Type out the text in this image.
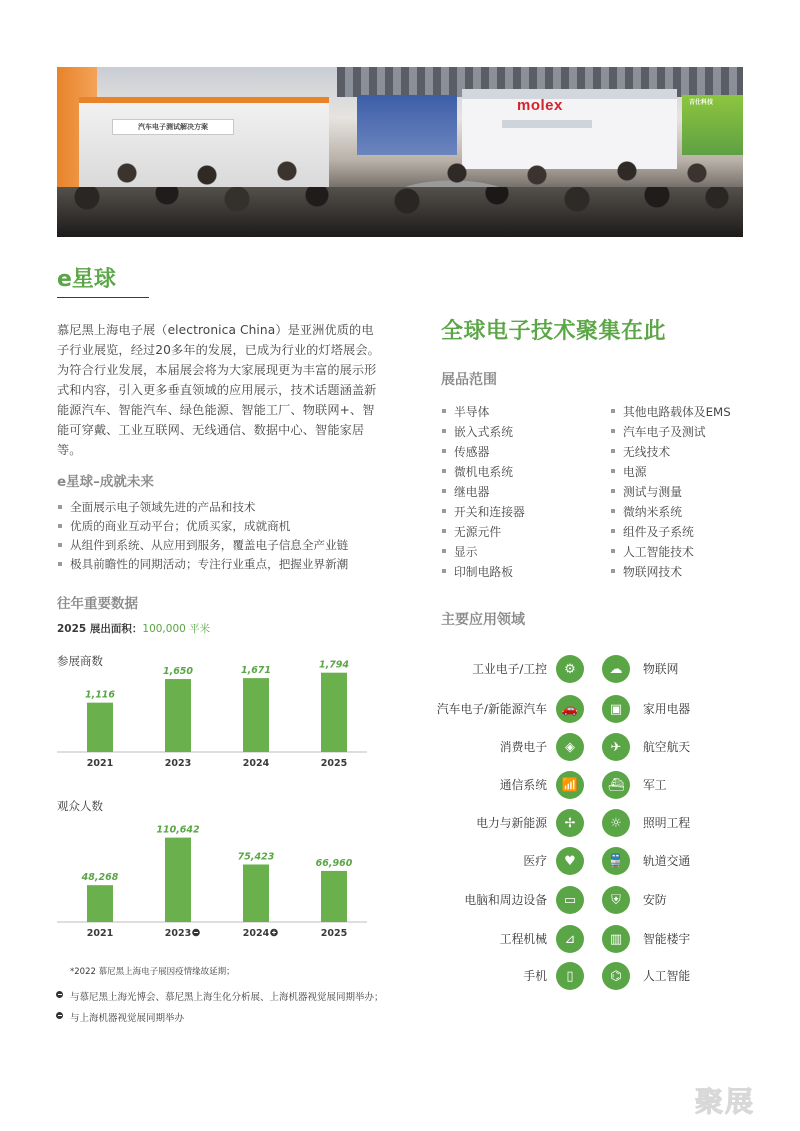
汽车电子测试解决方案
molex	吉仕科技
e星球
慕尼黑上海电子展（electronica China）是亚洲优质的电子行业展览，经过20多年的发展，已成为行业的灯塔展会。为符合行业发展，本届展会将为大家展现更为丰富的展示形式和内容，引入更多垂直领域的应用展示，技术话题涵盖新能源汽车、智能汽车、绿色能源、智能工厂、物联网+、智能可穿戴、工业互联网、无线通信、数据中心、智能家居等。
e星球–成就未来
全面展示电子领域先进的产品和技术
优质的商业互动平台；优质买家，成就商机
从组件到系统、从应用到服务，覆盖电子信息全产业链
极具前瞻性的同期活动；专注行业重点，把握业界新潮
往年重要数据
2025 展出面积：100,000 平米
参展商数
1,116
2021
1,650
2023
1,671
2024
1,794
2025
观众人数
48,268
2021
110,642
2023
75,423
2024
66,960
2025
*2022 慕尼黑上海电子展因疫情缘故延期；
与慕尼黑上海光博会、慕尼黑上海生化分析展、上海机器视觉展同期举办；
与上海机器视觉展同期举办
全球电子技术聚集在此
展品范围
半导体
嵌入式系统
传感器
微机电系统
继电器
开关和连接器
无源元件
显示
印制电路板
其他电路载体及EMS
汽车电子及测试
无线技术
电源
测试与测量
微纳米系统
组件及子系统
人工智能技术
物联网技术
主要应用领域
工业电子/工控	⚙	☁	物联网
汽车电子/新能源汽车	🚗	▣	家用电器
消费电子	◈	✈	航空航天
通信系统	📶	⛴	军工
电力与新能源	✢	☼	照明工程
医疗	♥	🚆	轨道交通
电脑和周边设备	▭	⛨	安防
工程机械	⊿	▥	智能楼宇
手机	▯	⌬	人工智能
聚展
